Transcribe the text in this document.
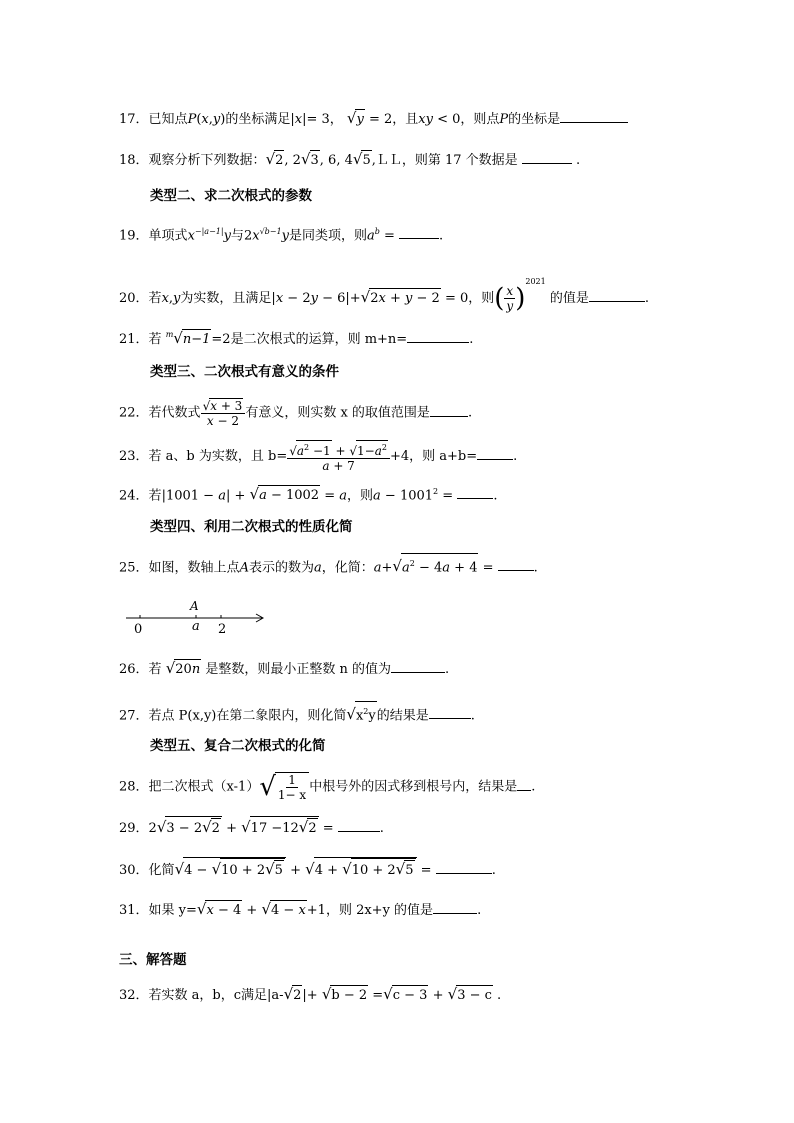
17．已知点P(x,y)的坐标满足|x|= 3， √y = 2，且xy < 0，则点P的坐标是
18．观察分析下列数据：√2, 2√3, 6, 4√5,ＬＬ，则第 17 个数据是	.
类型二、求二次根式的参数
19．单项式$x^{-|a-1|}y$与$2x^{√b-1}y$是同类项，则$a^b$ =	.
20．若x,y为实数，且满足|x − 2y − 6|+√2x + y − 2 = 0，则( $\frac{x}{y} )^{2021}$ 的值是	.
21．若 $^m$√n−1=2是二次根式的运算，则 m+n=	.
类型三、二次根式有意义的条件
22．若代数式 $\frac{√x + 3}{x - 2}$ 有意义，则实数 x 的取值范围是	.
23．若 a、b 为实数，且 $b= \frac{√a^2 -1 + √1-a^2}{a + 7} +4$，则 a+b=	.
24．若|1001 − a| + √a − 1002 = a，则$a - 1001^2$ =	.
类型四、利用二次根式的性质化简
25．如图，数轴上点A表示的数为a，化简：$a+√a^2 - 4a + 4$ =	.
A
0	a 2
26．若 √20n 是整数，则最小正整数 n 的值为	.
27．若点 P(x,y)在第二象限内，则化简$√x^2y$的结果是	.
类型五、复合二次根式的化简
28．把二次根式$(x-1)√ \frac{1}{1- x}$ 中根号外的因式移到根号内，结果是 .
29．2√3 − 2√2 + √17 −12√2 =	.
30．化简√4 − √10 + 2√5 + √4 + √10 + 2√5 =	.
31．如果 y=√x − 4 + √4 − x+1，则 2x+y 的值是	.
三、解答题
32．若实数 a，b，c满足|a-√2|+ √b − 2 =√c − 3 + √3 − c .
